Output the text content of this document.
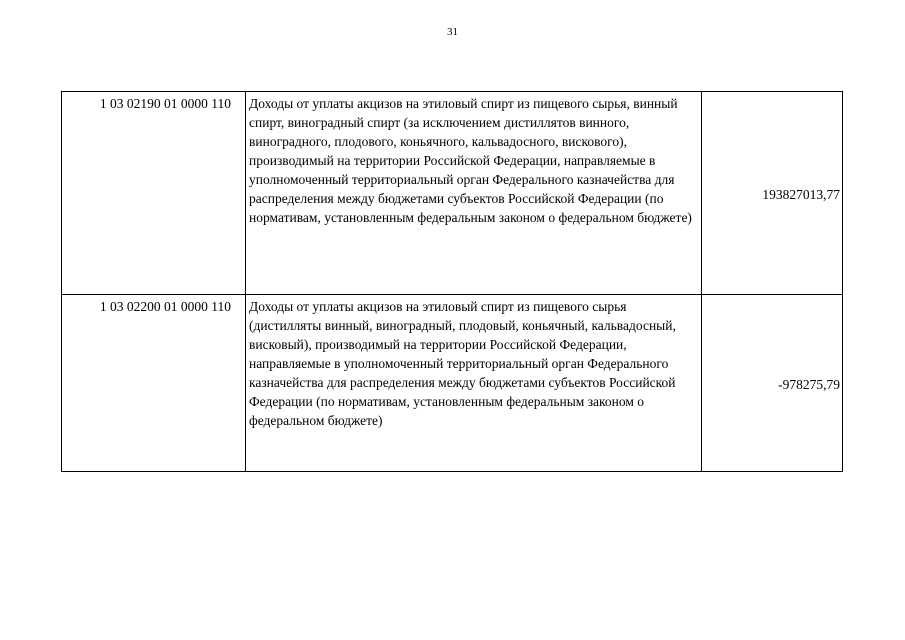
31
1 03 02190 01 0000 110	Доходы от уплаты акцизов на этиловый спирт из пищевого сырья, винный спирт, виноградный спирт (за исключением дистиллятов винного, виноградного, плодового, коньячного, кальвадосного, вискового), производимый на территории Российской Федерации, направляемые в уполномоченный территориальный орган Федерального казначейства для распределения между бюджетами субъектов Российской Федерации (по нормативам, установленным федеральным законом о федеральном бюджете)	193827013,77
1 03 02200 01 0000 110	Доходы от уплаты акцизов на этиловый спирт из пищевого сырья (дистилляты винный, виноградный, плодовый, коньячный, кальвадосный, висковый), производимый на территории Российской Федерации, направляемые в уполномоченный территориальный орган Федерального казначейства для распределения между бюджетами субъектов Российской Федерации (по нормативам, установленным федеральным законом о федеральном бюджете)	-978275,79
